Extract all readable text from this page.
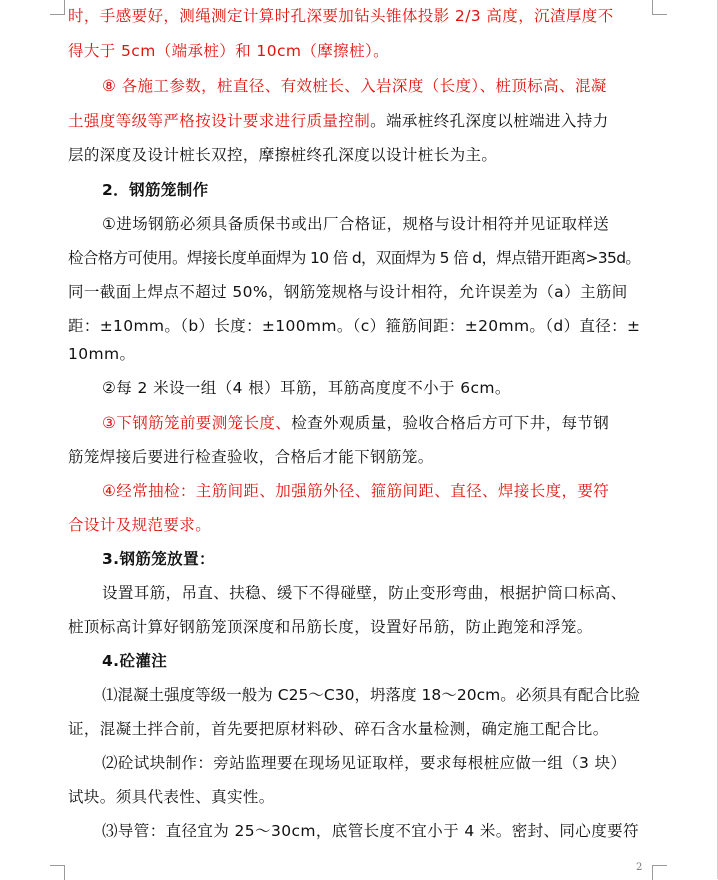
时，手感要好，测绳测定计算时孔深要加钻头锥体投影 2/3 高度，沉渣厚度不
得大于 5cm（端承桩）和 10cm（摩擦桩）。
⑧ 各施工参数，桩直径、有效桩长、入岩深度（长度）、桩顶标高、混凝
土强度等级等严格按设计要求进行质量控制。端承桩终孔深度以桩端进入持力
层的深度及设计桩长双控，摩擦桩终孔深度以设计桩长为主。
2．钢筋笼制作
①进场钢筋必须具备质保书或出厂合格证，规格与设计相符并见证取样送
检合格方可使用。焊接长度单面焊为 10 倍 d，双面焊为 5 倍 d，焊点错开距离>35d。
同一截面上焊点不超过 50%，钢筋笼规格与设计相符，允许误差为（a）主筋间
距：±10mm。（b）长度：±100mm。（c）箍筋间距：±20mm。（d）直径：±
10mm。
②每 2 米设一组（4 根）耳筋，耳筋高度度不小于 6cm。
③下钢筋笼前要测笼长度、检查外观质量，验收合格后方可下井，每节钢
筋笼焊接后要进行检查验收，合格后才能下钢筋笼。
④经常抽检：主筋间距、加强筋外径、箍筋间距、直径、焊接长度，要符
合设计及规范要求。
3.钢筋笼放置：
设置耳筋，吊直、扶稳、缓下不得碰壁，防止变形弯曲，根据护筒口标高、
桩顶标高计算好钢筋笼顶深度和吊筋长度，设置好吊筋，防止跑笼和浮笼。
4.砼灌注
⑴混凝土强度等级一般为 C25～C30，坍落度 18～20cm。必须具有配合比验
证，混凝土拌合前，首先要把原材料砂、碎石含水量检测，确定施工配合比。
⑵砼试块制作：旁站监理要在现场见证取样，要求每根桩应做一组（3 块）
试块。须具代表性、真实性。
⑶导管：直径宜为 25～30cm，底管长度不宜小于 4 米。密封、同心度要符
2
